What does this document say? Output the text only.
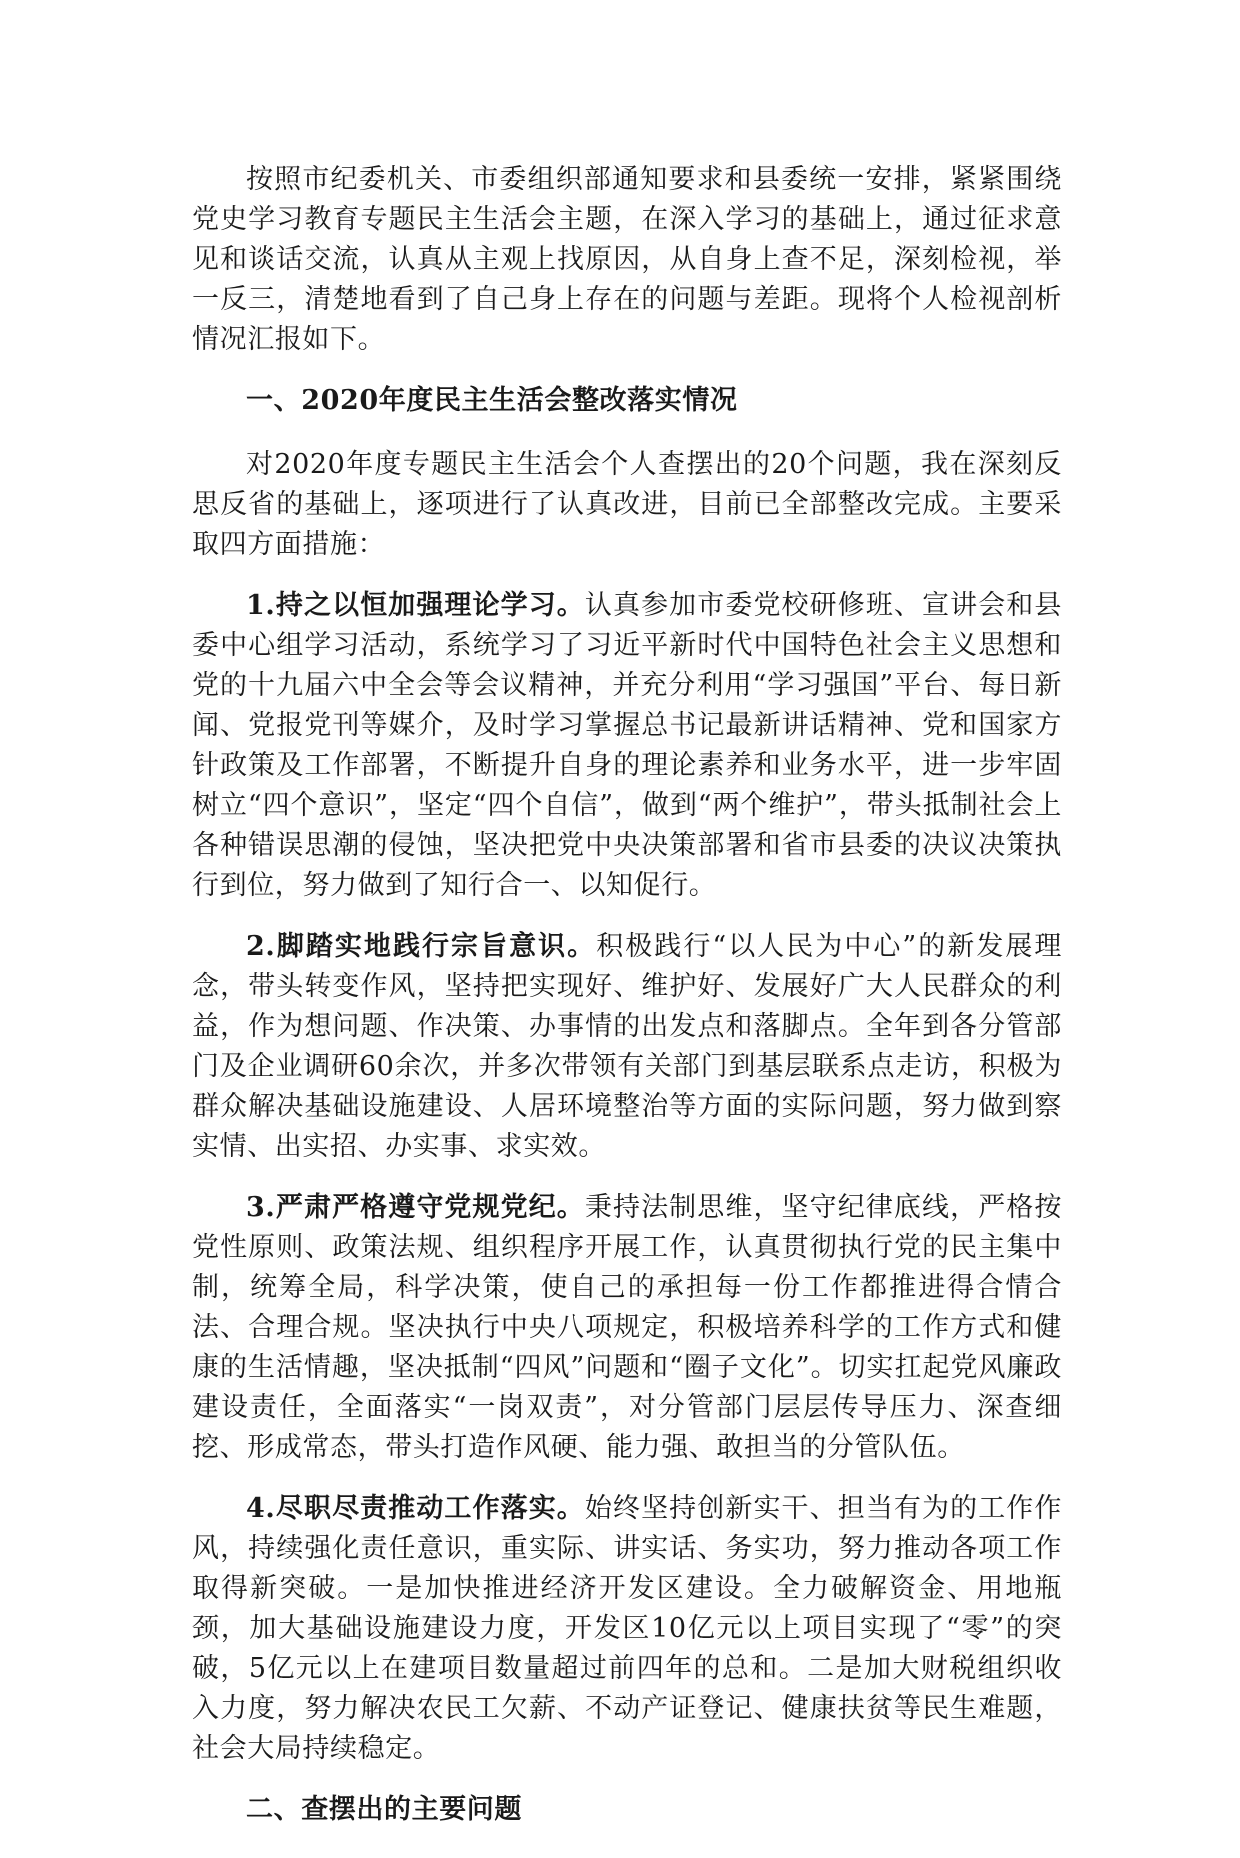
按照市纪委机关、市委组织部通知要求和县委统一安排，紧紧围绕党史学习教育专题民主生活会主题，在深入学习的基础上，通过征求意见和谈话交流，认真从主观上找原因，从自身上查不足，深刻检视，举一反三，清楚地看到了自己身上存在的问题与差距。现将个人检视剖析情况汇报如下。

一、2020年度民主生活会整改落实情况

对2020年度专题民主生活会个人查摆出的20个问题，我在深刻反思反省的基础上，逐项进行了认真改进，目前已全部整改完成。主要采取四方面措施：

1.持之以恒加强理论学习。认真参加市委党校研修班、宣讲会和县委中心组学习活动，系统学习了习近平新时代中国特色社会主义思想和党的十九届六中全会等会议精神，并充分利用“学习强国”平台、每日新闻、党报党刊等媒介，及时学习掌握总书记最新讲话精神、党和国家方针政策及工作部署，不断提升自身的理论素养和业务水平，进一步牢固树立“四个意识”，坚定“四个自信”，做到“两个维护”，带头抵制社会上各种错误思潮的侵蚀，坚决把党中央决策部署和省市县委的决议决策执行到位，努力做到了知行合一、以知促行。

2.脚踏实地践行宗旨意识。积极践行“以人民为中心”的新发展理念，带头转变作风，坚持把实现好、维护好、发展好广大人民群众的利益，作为想问题、作决策、办事情的出发点和落脚点。全年到各分管部门及企业调研60余次，并多次带领有关部门到基层联系点走访，积极为群众解决基础设施建设、人居环境整治等方面的实际问题，努力做到察实情、出实招、办实事、求实效。

3.严肃严格遵守党规党纪。秉持法制思维，坚守纪律底线，严格按党性原则、政策法规、组织程序开展工作，认真贯彻执行党的民主集中制，统筹全局，科学决策，使自己的承担每一份工作都推进得合情合法、合理合规。坚决执行中央八项规定，积极培养科学的工作方式和健康的生活情趣，坚决抵制“四风”问题和“圈子文化”。切实扛起党风廉政建设责任，全面落实“一岗双责”，对分管部门层层传导压力、深查细挖、形成常态，带头打造作风硬、能力强、敢担当的分管队伍。

4.尽职尽责推动工作落实。始终坚持创新实干、担当有为的工作作风，持续强化责任意识，重实际、讲实话、务实功，努力推动各项工作取得新突破。一是加快推进经济开发区建设。全力破解资金、用地瓶颈，加大基础设施建设力度，开发区10亿元以上项目实现了“零”的突破，5亿元以上在建项目数量超过前四年的总和。二是加大财税组织收入力度，努力解决农民工欠薪、不动产证登记、健康扶贫等民生难题，社会大局持续稳定。

二、查摆出的主要问题
